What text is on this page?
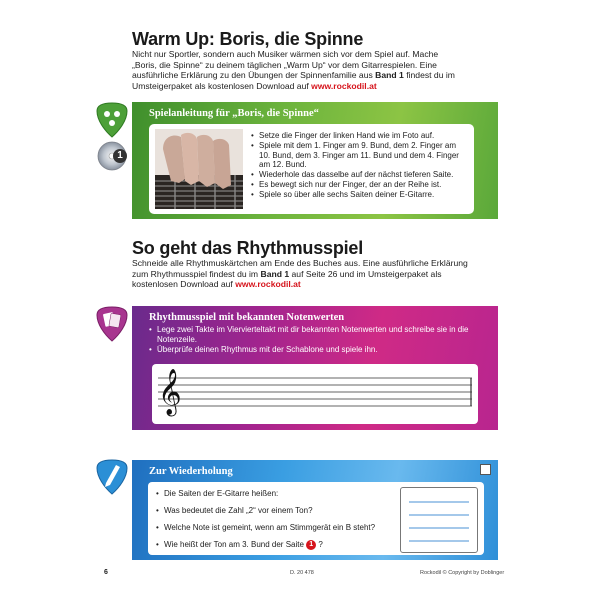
Warm Up: Boris, die Spinne
Nicht nur Sportler, sondern auch Musiker wärmen sich vor dem Spiel auf. Mache
„Boris, die Spinne“ zu deinem täglichen „Warm Up“ vor dem Gitarrespielen. Eine
ausführliche Erklärung zu den Übungen der Spinnenfamilie aus Band 1 findest du im
Umsteigerpaket als kostenlosen Download auf www.rockodil.at
1
Spielanleitung für „Boris, die Spinne“
• Setze die Finger der linken Hand wie im Foto auf.
• Spiele mit dem 1. Finger am 9. Bund, dem 2. Finger am 10. Bund, dem 3. Finger am 11. Bund und dem 4. Finger am 12. Bund.
• Wiederhole das dasselbe auf der nächst tieferen Saite.
• Es bewegt sich nur der Finger, der an der Reihe ist.
• Spiele so über alle sechs Saiten deiner E-Gitarre.
So geht das Rhythmusspiel
Schneide alle Rhythmuskärtchen am Ende des Buches aus. Eine ausführliche Erklärung
zum Rhythmusspiel findest du im Band 1 auf Seite 26 und im Umsteigerpaket als
kostenlosen Download auf www.rockodil.at
Rhythmusspiel mit bekannten Notenwerten
• Lege zwei Takte im Viervierteltakt mit dir bekannten Notenwerten und schreibe sie in die Notenzeile.
• Überprüfe deinen Rhythmus mit der Schablone und spiele ihn.
𝄞
Zur Wiederholung
• Die Saiten der E-Gitarre heißen:
• Was bedeutet die Zahl „2“ vor einem Ton?
• Welche Note ist gemeint, wenn am Stimmgerät ein B steht?
• Wie heißt der Ton am 3. Bund der Saite 1 ?
6	D. 20 478	Rockodil © Copyright by Doblinger
